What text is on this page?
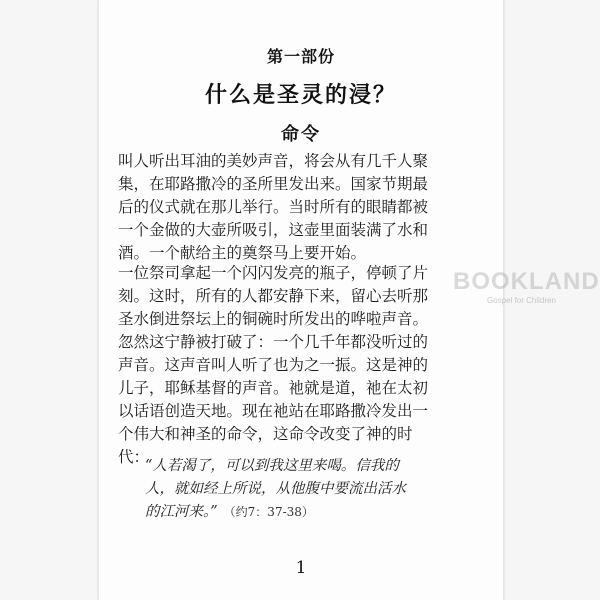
第一部份
什么是圣灵的浸？
命令

叫人听出耳油的美妙声音，将会从有几千人聚
集，在耶路撒冷的圣所里发出来。国家节期最
后的仪式就在那儿举行。当时所有的眼睛都被
一个金做的大壶所吸引，这壶里面装满了水和
酒。一个献给主的奠祭马上要开始。

一位祭司拿起一个闪闪发亮的瓶子，停顿了片
刻。这时，所有的人都安静下来，留心去听那
圣水倒进祭坛上的铜碗时所发出的哗啦声音。

忽然这宁静被打破了：一个几千年都没听过的
声音。这声音叫人听了也为之一振。这是神的
儿子，耶稣基督的声音。祂就是道，祂在太初
以话语创造天地。现在祂站在耶路撒冷发出一
个伟大和神圣的命令，这命令改变了神的时
代：

“人若渴了，可以到我这里来喝。信我的
人，就如经上所说，从他腹中要流出活水
的江河来。” （约7：37-38）
1
BOOKLAND
Gospel for Children
